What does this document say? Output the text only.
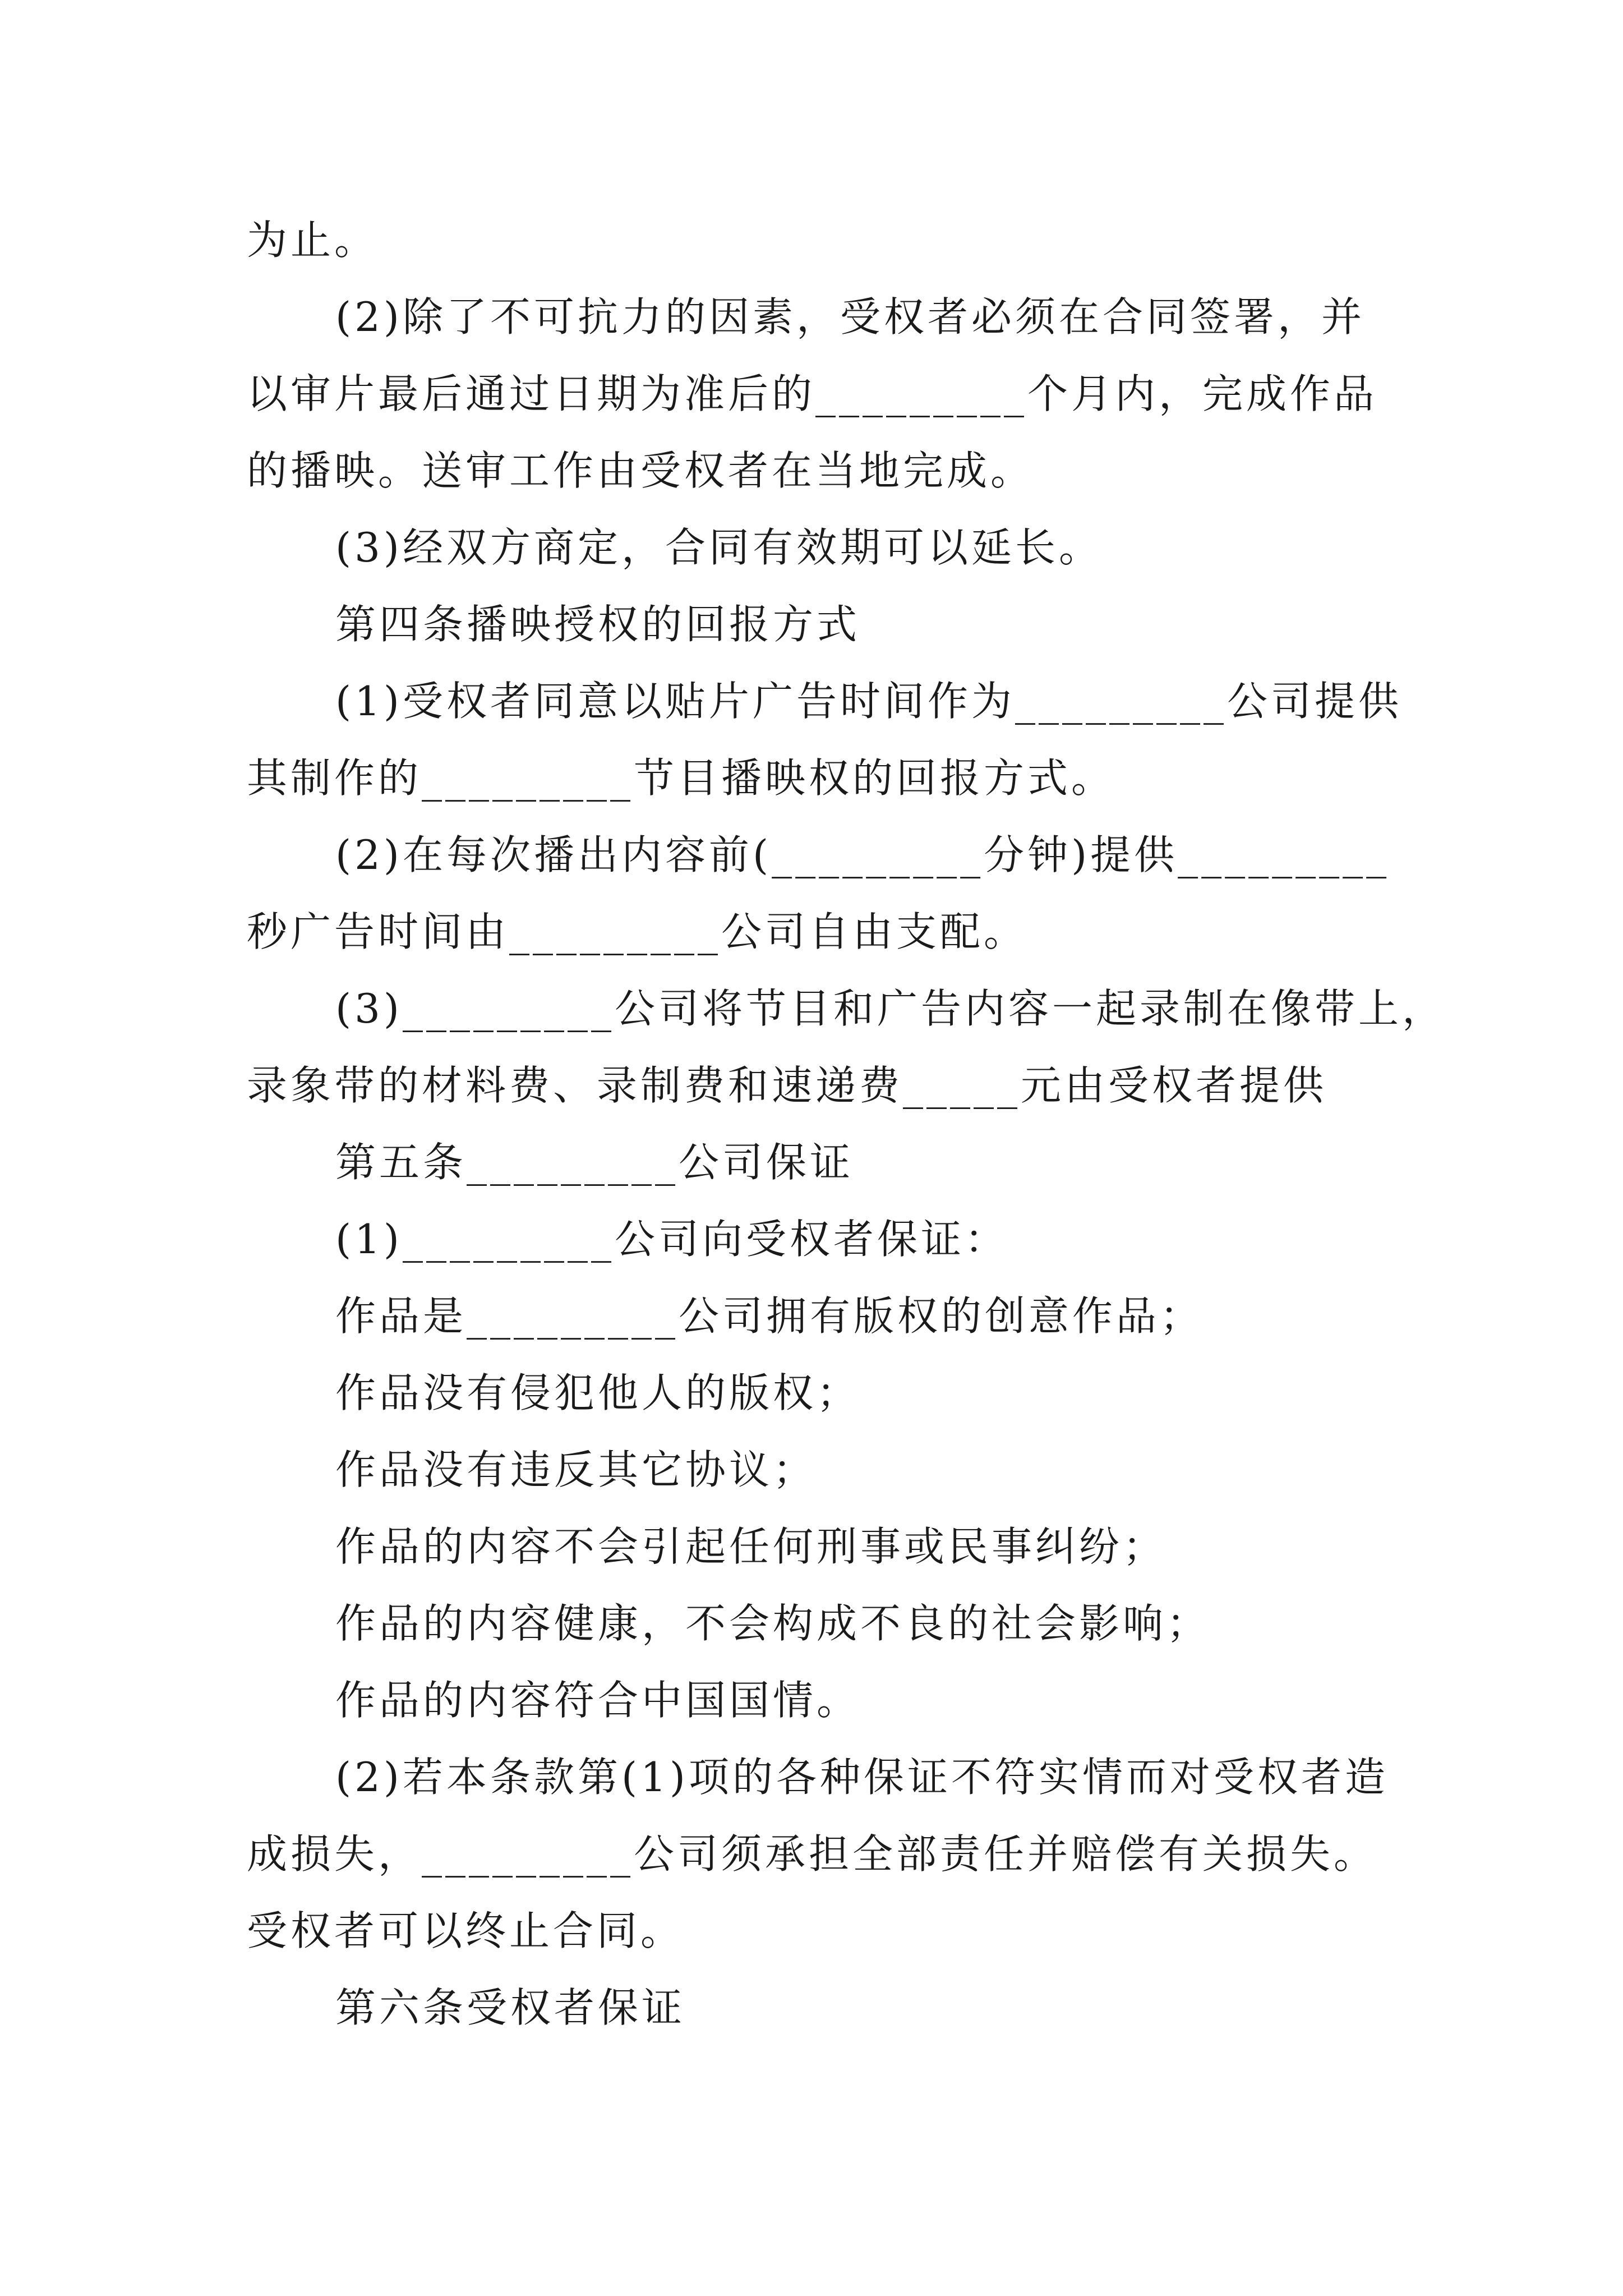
为止。
(2)除了不可抗力的因素，受权者必须在合同签署，并
以审片最后通过日期为准后的_________个月内，完成作品
的播映。送审工作由受权者在当地完成。
(3)经双方商定，合同有效期可以延长。
第四条播映授权的回报方式
(1)受权者同意以贴片广告时间作为_________公司提供
其制作的_________节目播映权的回报方式。
(2)在每次播出内容前(_________分钟)提供_________
秒广告时间由_________公司自由支配。
(3)_________公司将节目和广告内容一起录制在像带上，
录象带的材料费、录制费和速递费_____元由受权者提供
第五条_________公司保证
(1)_________公司向受权者保证：
作品是_________公司拥有版权的创意作品；
作品没有侵犯他人的版权；
作品没有违反其它协议；
作品的内容不会引起任何刑事或民事纠纷；
作品的内容健康，不会构成不良的社会影响；
作品的内容符合中国国情。
(2)若本条款第(1)项的各种保证不符实情而对受权者造
成损失，_________公司须承担全部责任并赔偿有关损失。
受权者可以终止合同。
第六条受权者保证
